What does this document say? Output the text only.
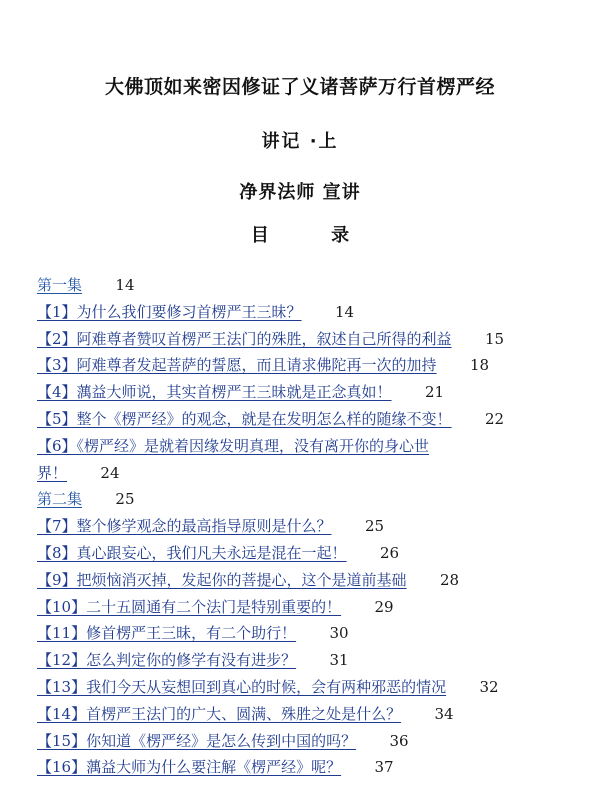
大佛顶如来密因修证了义诸菩萨万行首楞严经
讲记 ·上
净界法师 宣讲
目 录
第一集 14
【1】为什么我们要修习首楞严王三昧？ 14
【2】阿难尊者赞叹首楞严王法门的殊胜，叙述自己所得的利益 15
【3】阿难尊者发起菩萨的誓愿，而且请求佛陀再一次的加持 18
【4】蕅益大师说，其实首楞严王三昧就是正念真如！ 21
【5】整个《楞严经》的观念，就是在发明怎么样的随缘不变！ 22
【6】《楞严经》是就着因缘发明真理，没有离开你的身心世
界！ 24
第二集 25
【7】整个修学观念的最高指导原则是什么？ 25
【8】真心跟妄心，我们凡夫永远是混在一起！ 26
【9】把烦恼消灭掉，发起你的菩提心，这个是道前基础 28
【10】二十五圆通有二个法门是特别重要的！ 29
【11】修首楞严王三昧，有二个助行！ 30
【12】怎么判定你的修学有没有进步？ 31
【13】我们今天从妄想回到真心的时候，会有两种邪恶的情况 32
【14】首楞严王法门的广大、圆满、殊胜之处是什么？ 34
【15】你知道《楞严经》是怎么传到中国的吗？ 36
【16】蕅益大师为什么要注解《楞严经》呢？ 37
